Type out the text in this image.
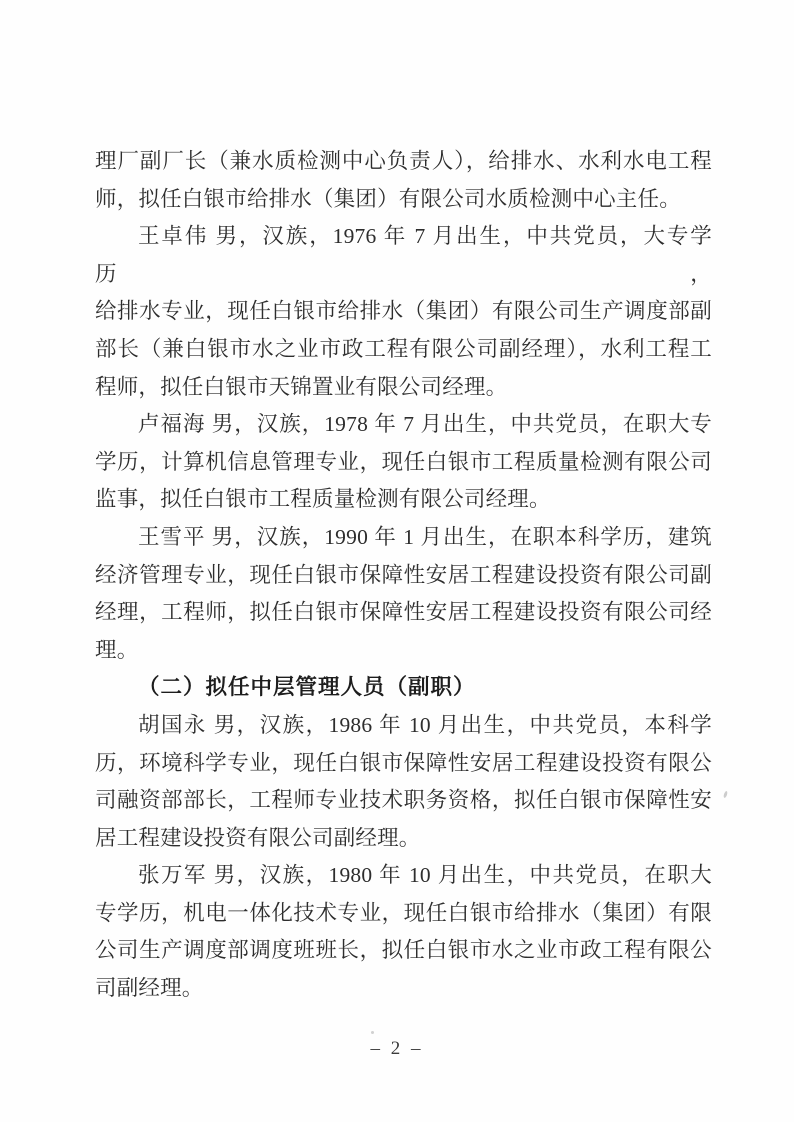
理厂副厂长（兼水质检测中心负责人），给排水、水利水电工程
师，拟任白银市给排水（集团）有限公司水质检测中心主任。
王卓伟 男，汉族，1976 年 7 月出生，中共党员，大专学历，
给排水专业，现任白银市给排水（集团）有限公司生产调度部副
部长（兼白银市水之业市政工程有限公司副经理），水利工程工
程师，拟任白银市天锦置业有限公司经理。
卢福海 男，汉族，1978 年 7 月出生，中共党员，在职大专
学历，计算机信息管理专业，现任白银市工程质量检测有限公司
监事，拟任白银市工程质量检测有限公司经理。
王雪平 男，汉族，1990 年 1 月出生，在职本科学历，建筑
经济管理专业，现任白银市保障性安居工程建设投资有限公司副
经理，工程师，拟任白银市保障性安居工程建设投资有限公司经
理。
（二）拟任中层管理人员（副职）
胡国永 男，汉族，1986 年 10 月出生，中共党员，本科学
历，环境科学专业，现任白银市保障性安居工程建设投资有限公
司融资部部长，工程师专业技术职务资格，拟任白银市保障性安
居工程建设投资有限公司副经理。
张万军 男，汉族，1980 年 10 月出生，中共党员，在职大
专学历，机电一体化技术专业，现任白银市给排水（集团）有限
公司生产调度部调度班班长，拟任白银市水之业市政工程有限公
司副经理。
– 2 –
